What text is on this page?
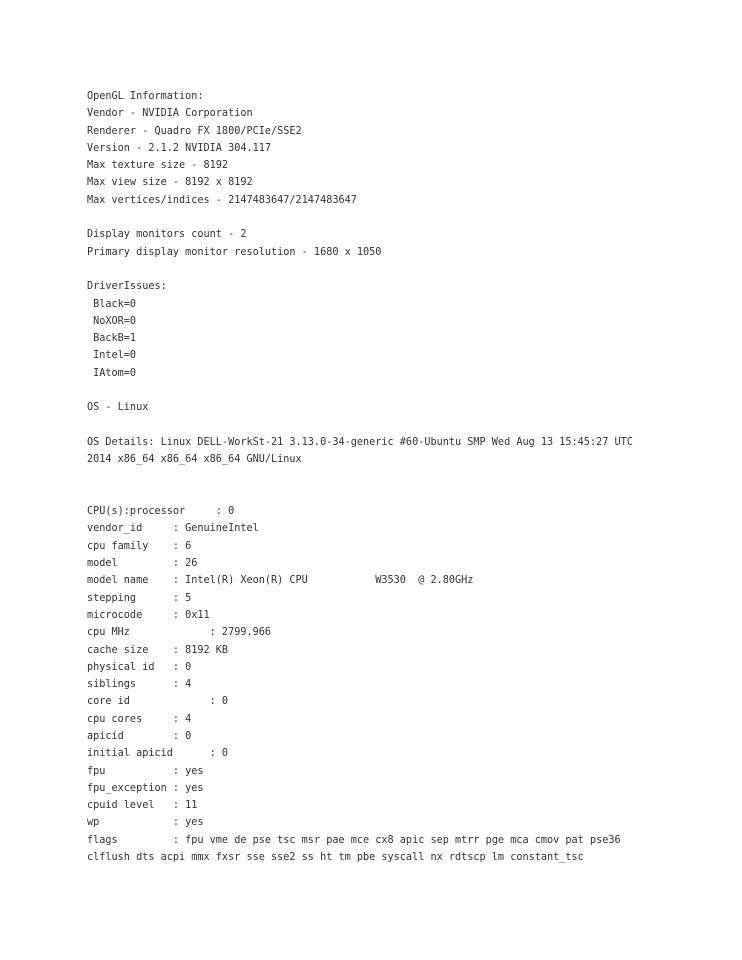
OpenGL Information:
Vendor - NVIDIA Corporation
Renderer - Quadro FX 1800/PCIe/SSE2
Version - 2.1.2 NVIDIA 304.117
Max texture size - 8192
Max view size - 8192 x 8192
Max vertices/indices - 2147483647/2147483647
Display monitors count - 2
Primary display monitor resolution - 1680 x 1050
DriverIssues:
Black=0
NoXOR=0
BackB=1
Intel=0
IAtom=0
OS - Linux
OS Details: Linux DELL-WorkSt-21 3.13.0-34-generic #60-Ubuntu SMP Wed Aug 13 15:45:27 UTC
2014 x86_64 x86_64 x86_64 GNU/Linux
CPU(s):processor     : 0
vendor_id     : GenuineIntel
cpu family    : 6
model         : 26
model name    : Intel(R) Xeon(R) CPU           W3530  @ 2.80GHz
stepping      : 5
microcode     : 0x11
cpu MHz             : 2799.966
cache size    : 8192 KB
physical id   : 0
siblings      : 4
core id             : 0
cpu cores     : 4
apicid        : 0
initial apicid      : 0
fpu           : yes
fpu_exception : yes
cpuid level   : 11
wp            : yes
flags         : fpu vme de pse tsc msr pae mce cx8 apic sep mtrr pge mca cmov pat pse36
clflush dts acpi mmx fxsr sse sse2 ss ht tm pbe syscall nx rdtscp lm constant_tsc
